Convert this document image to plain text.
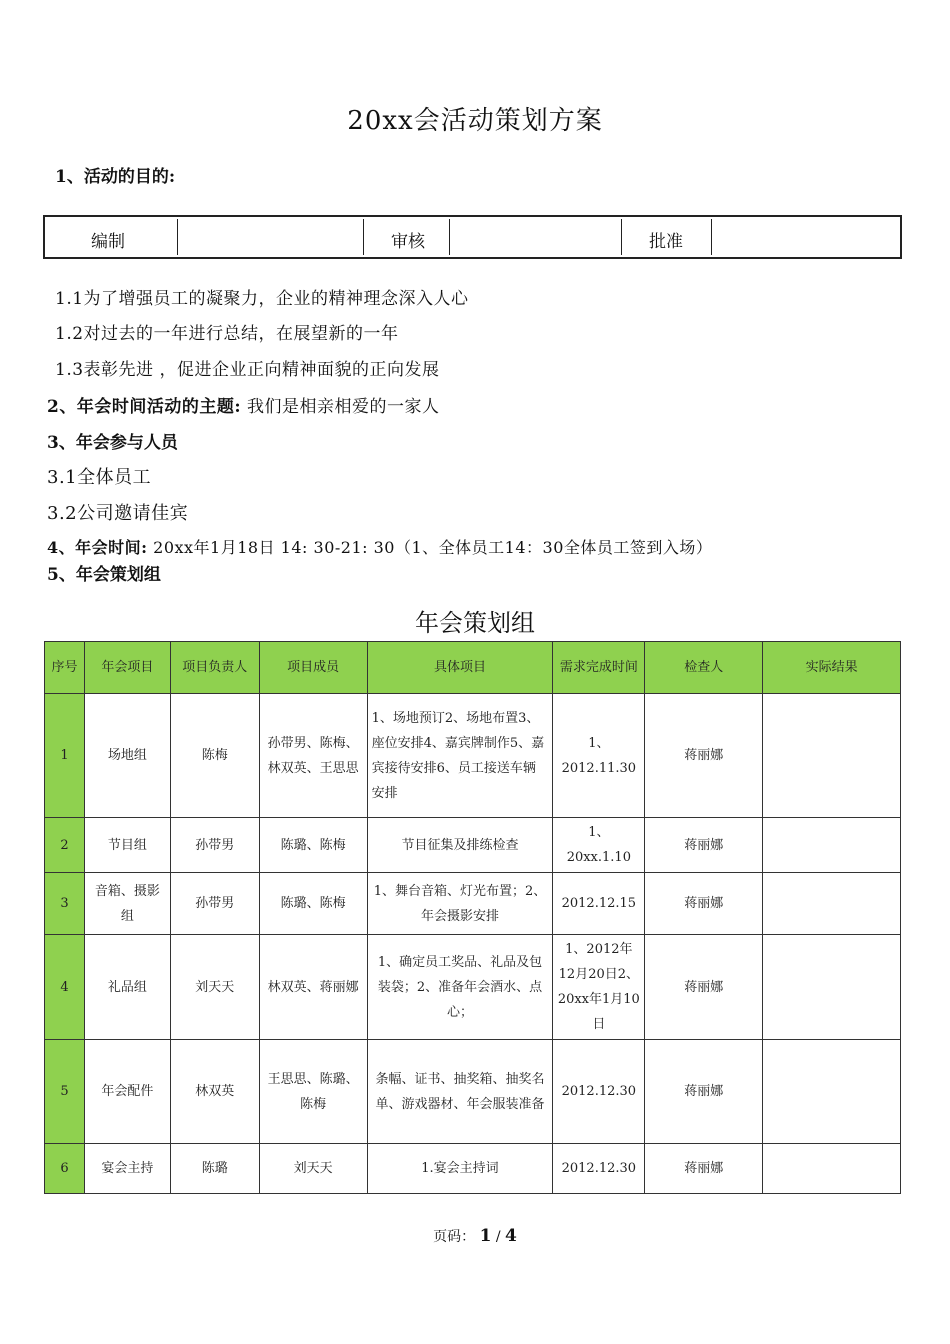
20xx会活动策划方案
1、活动的目的:
编制	审核	批准
1.1为了增强员工的凝聚力，企业的精神理念深入人心
1.2对过去的一年进行总结，在展望新的一年
1.3表彰先进 ，促进企业正向精神面貌的正向发展
2、年会时间活动的主题: 我们是相亲相爱的一家人
3、年会参与人员
3.1全体员工
3.2公司邀请佳宾
4、年会时间: 20xx年1月18日 14: 30-21: 30（1、全体员工14：30全体员工签到入场）
5、年会策划组
年会策划组
序号	年会项目	项目负责人	项目成员	具体项目	需求完成时间	检查人	实际结果
1	场地组	陈梅	孙带男、陈梅、林双英、王思思	1、场地预订2、场地布置3、座位安排4、嘉宾牌制作5、嘉宾接待安排6、员工接送车辆安排	1、2012.11.30	蒋丽娜	
2	节目组	孙带男	陈璐、陈梅	节目征集及排练检查	1、20xx.1.10	蒋丽娜	
3	音箱、摄影组	孙带男	陈璐、陈梅	1、舞台音箱、灯光布置；2、年会摄影安排	2012.12.15	蒋丽娜	
4	礼品组	刘天天	林双英、蒋丽娜	1、确定员工奖品、礼品及包装袋；2、准备年会酒水、点心；	1、2012年12月20日2、20xx年1月10日	蒋丽娜	
5	年会配件	林双英	王思思、陈璐、陈梅	条幅、证书、抽奖箱、抽奖名单、游戏器材、年会服装准备	2012.12.30	蒋丽娜	
6	宴会主持	陈璐	刘天天	1.宴会主持词	2012.12.30	蒋丽娜	
页码： 1 / 4
